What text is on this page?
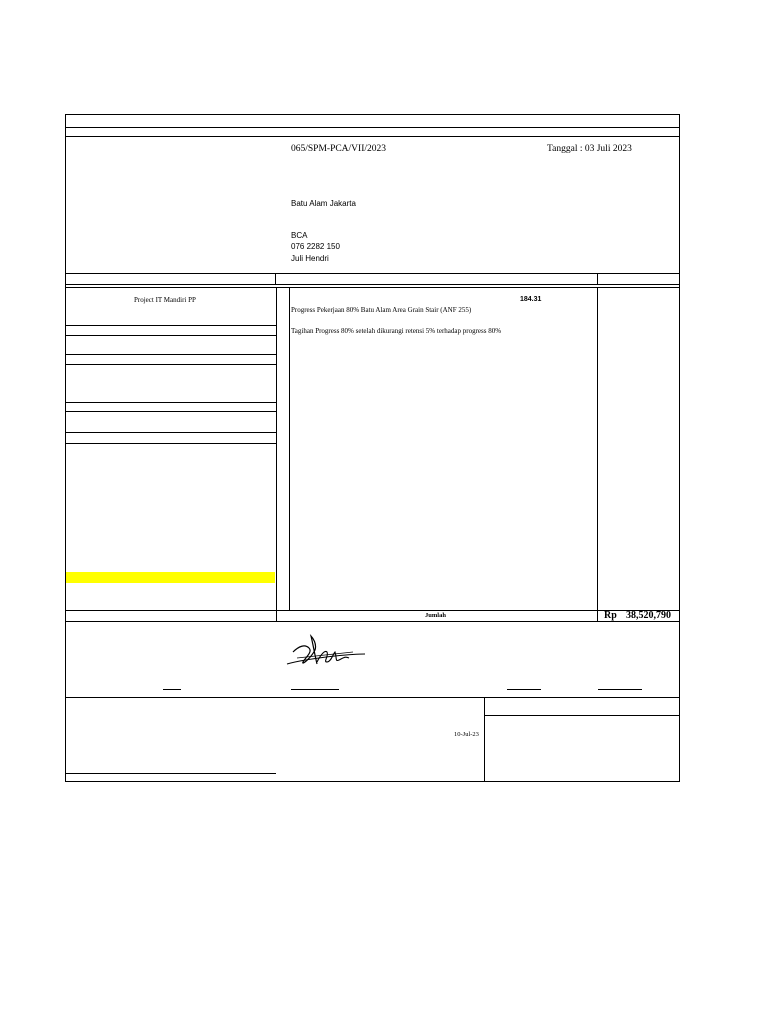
065/SPM-PCA/VII/2023	Tanggal : 03 Juli 2023
Batu Alam Jakarta
BCA
076 2282 150
Juli Hendri
Project IT Mandiri PP	184.31
Progress Pekerjaan 80% Batu Alam Area Grain Stair (ANF 255)
Tagihan Progress 80% setelah dikurangi retensi 5% terhadap progress 80%
Jumlah	Rp 38,520,790
10-Jul-23
